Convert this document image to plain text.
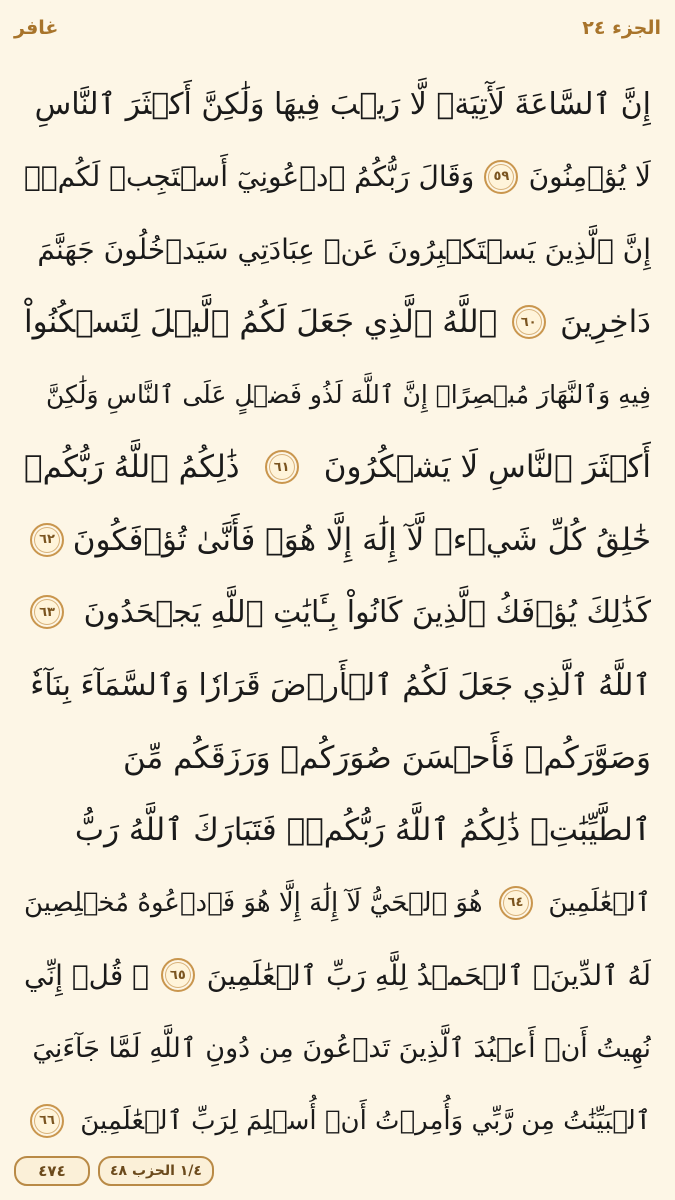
غافر	الجزء ٢٤
إِنَّ ٱلسَّاعَةَ لَأٓتِيَةٞ لَّا رَيۡبَ فِيهَا وَلَٰكِنَّ أَكۡثَرَ ٱلنَّاسِ
لَا يُؤۡمِنُونَ
٥٩
وَقَالَ رَبُّكُمُ ٱدۡعُونِيٓ أَسۡتَجِبۡ لَكُمۡۚ
إِنَّ ٱلَّذِينَ يَسۡتَكۡبِرُونَ عَنۡ عِبَادَتِي سَيَدۡخُلُونَ جَهَنَّمَ
دَاخِرِينَ
٦٠
ٱللَّهُ ٱلَّذِي جَعَلَ لَكُمُ ٱلَّيۡلَ لِتَسۡكُنُواْ
فِيهِ وَٱلنَّهَارَ مُبۡصِرًاۚ إِنَّ ٱللَّهَ لَذُو فَضۡلٍ عَلَى ٱلنَّاسِ وَلَٰكِنَّ
أَكۡثَرَ ٱلنَّاسِ لَا يَشۡكُرُونَ
٦١
ذَٰلِكُمُ ٱللَّهُ رَبُّكُمۡ
خَٰلِقُ كُلِّ شَيۡءٖ لَّآ إِلَٰهَ إِلَّا هُوَۖ فَأَنَّىٰ تُؤۡفَكُونَ
٦٢
كَذَٰلِكَ يُؤۡفَكُ ٱلَّذِينَ كَانُواْ بِـَٔايَٰتِ ٱللَّهِ يَجۡحَدُونَ
٦٣
ٱللَّهُ ٱلَّذِي جَعَلَ لَكُمُ ٱلۡأَرۡضَ قَرَارٗا وَٱلسَّمَآءَ بِنَآءٗ
وَصَوَّرَكُمۡ فَأَحۡسَنَ صُوَرَكُمۡ وَرَزَقَكُم مِّنَ
ٱلطَّيِّبَٰتِۚ ذَٰلِكُمُ ٱللَّهُ رَبُّكُمۡۖ فَتَبَارَكَ ٱللَّهُ رَبُّ
ٱلۡعَٰلَمِينَ
٦٤
هُوَ ٱلۡحَيُّ لَآ إِلَٰهَ إِلَّا هُوَ فَٱدۡعُوهُ مُخۡلِصِينَ
لَهُ ٱلدِّينَۗ ٱلۡحَمۡدُ لِلَّهِ رَبِّ ٱلۡعَٰلَمِينَ
٦٥
۞ قُلۡ إِنِّي
نُهِيتُ أَنۡ أَعۡبُدَ ٱلَّذِينَ تَدۡعُونَ مِن دُونِ ٱللَّهِ لَمَّا جَآءَنِيَ
ٱلۡبَيِّنَٰتُ مِن رَّبِّي وَأُمِرۡتُ أَنۡ أُسۡلِمَ لِرَبِّ ٱلۡعَٰلَمِينَ
٦٦
٤٧٤	١/٤ الحزب ٤٨
